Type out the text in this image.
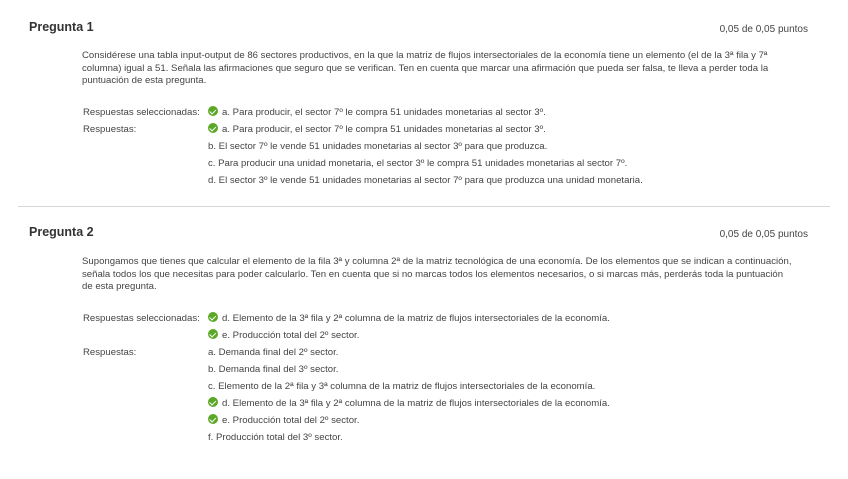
Pregunta 1	0,05 de 0,05 puntos
Considérese una tabla input-output de 86 sectores productivos, en la que la matriz de flujos intersectoriales de la economía tiene un elemento (el de la 3ª fila y 7ª columna) igual a 51. Señala las afirmaciones que seguro que se verifican. Ten en cuenta que marcar una afirmación que pueda ser falsa, te lleva a perder toda la puntuación de esta pregunta.
Respuestas seleccionadas:	a. Para producir, el sector 7º le compra 51 unidades monetarias al sector 3º.
Respuestas:	a. Para producir, el sector 7º le compra 51 unidades monetarias al sector 3º.
b. El sector 7º le vende 51 unidades monetarias al sector 3º para que produzca.
c. Para producir una unidad monetaria, el sector 3º le compra 51 unidades monetarias al sector 7º.
d. El sector 3º le vende 51 unidades monetarias al sector 7º para que produzca una unidad monetaria.
Pregunta 2	0,05 de 0,05 puntos
Supongamos que tienes que calcular el elemento de la fila 3ª y columna 2ª de la matriz tecnológica de una economía. De los elementos que se indican a continuación, señala todos los que necesitas para poder calcularlo. Ten en cuenta que si no marcas todos los elementos necesarios, o si marcas más, perderás toda la puntuación de esta pregunta.
Respuestas seleccionadas:	d. Elemento de la 3ª fila y 2ª columna de la matriz de flujos intersectoriales de la economía.
e. Producción total del 2º sector.
Respuestas:	a. Demanda final del 2º sector.
b. Demanda final del 3º sector.
c. Elemento de la 2ª fila y 3ª columna de la matriz de flujos intersectoriales de la economía.
d. Elemento de la 3ª fila y 2ª columna de la matriz de flujos intersectoriales de la economía.
e. Producción total del 2º sector.
f. Producción total del 3º sector.
